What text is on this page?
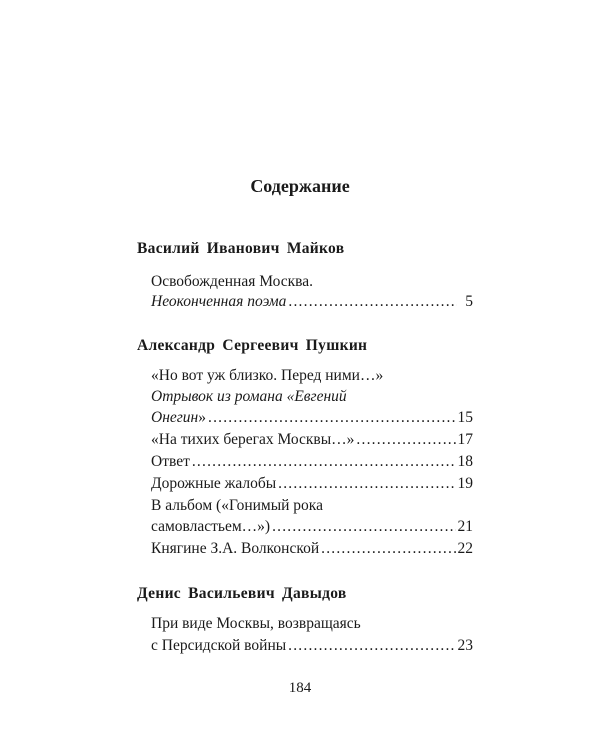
Содержание
Василий Иванович Майков
Освобожденная Москва.
Неоконченная поэма .....	5
Александр Сергеевич Пушкин
«Но вот уж близко. Перед ними…»
Отрывок из романа «Евгений
Онегин» .....	15
«На тихих берегах Москвы…» .....	17
Ответ .....	18
Дорожные жалобы .....	19
В альбом («Гонимый рока
самовластьем…») .....	21
Княгине З.А. Волконской .....	22
Денис Васильевич Давыдов
При виде Москвы, возвращаясь
с Персидской войны .....	23
184
